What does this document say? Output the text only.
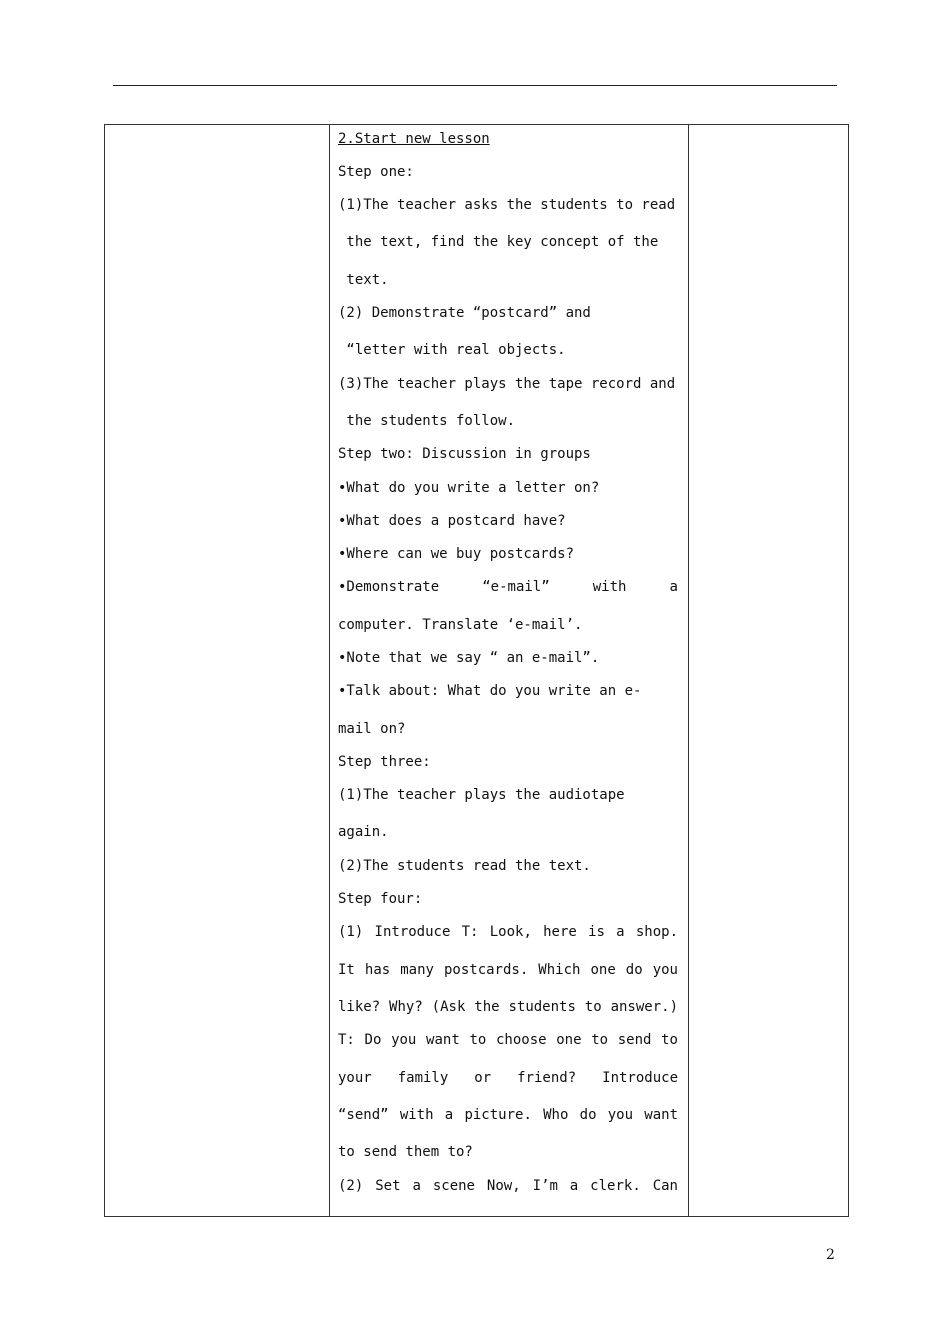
2.Start new lesson
Step one:
(1)The teacher asks the students to read
the text, find the key concept of the
text.
(2) Demonstrate “postcard” and
“letter with real objects.
(3)The teacher plays the tape record and
the students follow.
Step two: Discussion in groups
•What do you write a letter on?
•What does a postcard have?
•Where can we buy postcards?
•Demonstrate “e-mail” with a
computer. Translate ‘e-mail’.
•Note that we say “ an e-mail”.
•Talk about: What do you write an e-
mail on?
Step three:
(1)The teacher plays the audiotape
again.
(2)The students read the text.
Step four:
(1) Introduce T: Look, here is a shop.
It has many postcards. Which one do you
like? Why? (Ask the students to answer.)
T: Do you want to choose one to send to
your family or friend? Introduce
“send” with a picture. Who do you want
to send them to?
(2) Set a scene Now, I’m a clerk. Can
2
